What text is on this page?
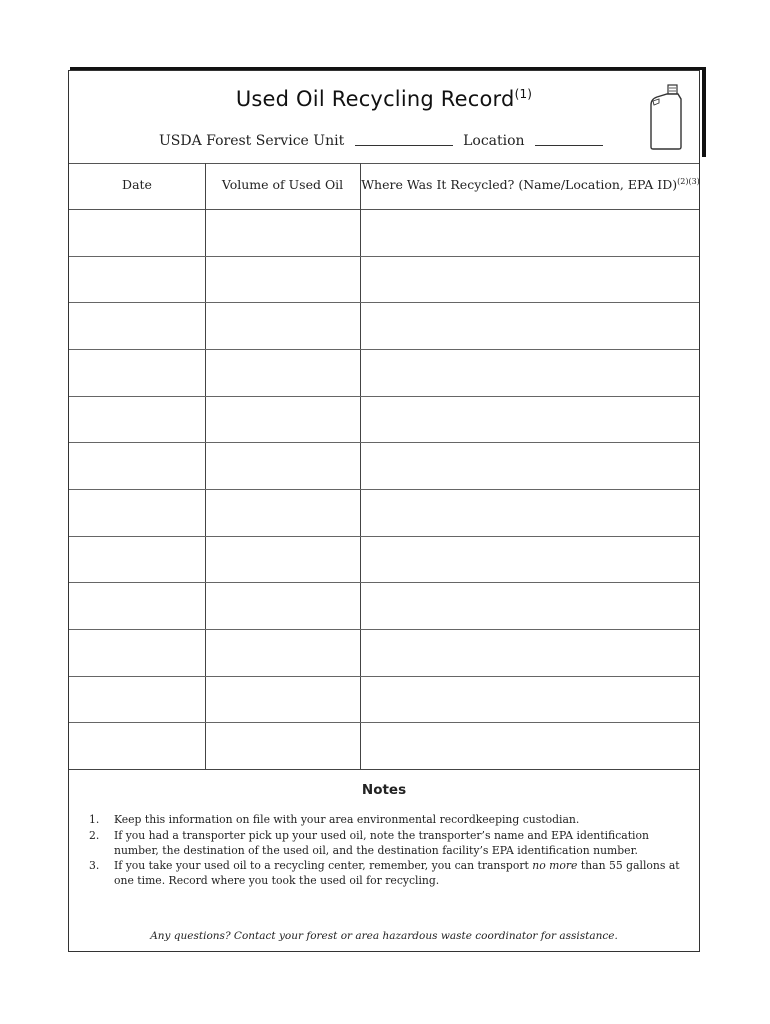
Used Oil Recycling Record$^{(1)}$
USDA Forest Service Unit	Location
Date	Volume of Used Oil	Where Was It Recycled? (Name/Location, EPA ID)$^{(2)(3)}$
Notes
1. Keep this information on file with your area environmental recordkeeping custodian.
2. If you had a transporter pick up your used oil, note the transporter’s name and EPA identification number, the destination of the used oil, and the destination facility’s EPA identification number.
3. If you take your used oil to a recycling center, remember, you can transport no more than 55 gallons at one time. Record where you took the used oil for recycling.
Any questions? Contact your forest or area hazardous waste coordinator for assistance.
